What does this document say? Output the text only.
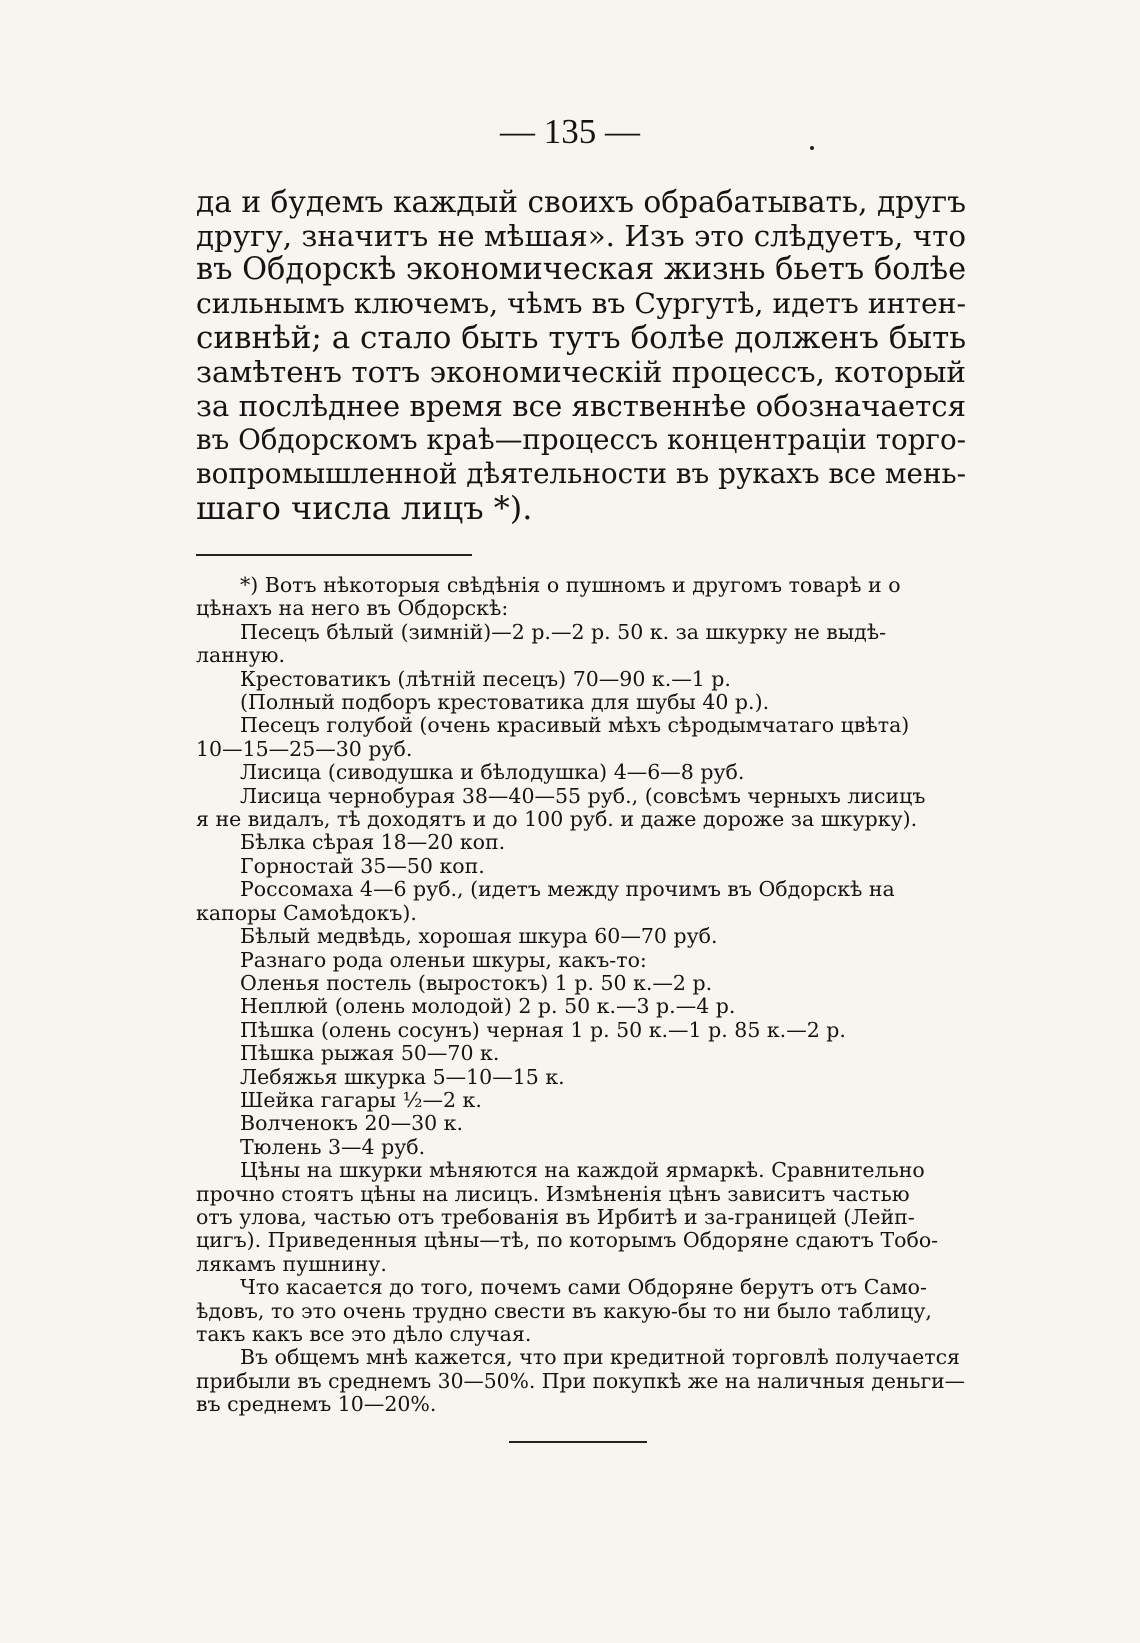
— 135 —
да и будемъ каждый своихъ обрабатывать, другъ
другу, значитъ не мѣшая». Изъ это слѣдуетъ, что
въ Обдорскѣ экономическая жизнь бьетъ болѣе
сильнымъ ключемъ, чѣмъ въ Сургутѣ, идетъ интен-
сивнѣй; а стало быть тутъ болѣе долженъ быть
замѣтенъ тотъ экономическій процессъ, который
за послѣднее время все явственнѣе обозначается
въ Обдорскомъ краѣ—процессъ концентраціи торго-
вопромышленной дѣятельности въ рукахъ все мень-
шаго числа лицъ *).
*) Вотъ нѣкоторыя свѣдѣнія о пушномъ и другомъ товарѣ и о
цѣнахъ на него въ Обдорскѣ:
Песецъ бѣлый (зимній)—2 р.—2 р. 50 к. за шкурку не выдѣ-
ланную.
Крестоватикъ (лѣтній песецъ) 70—90 к.—1 р.
(Полный подборъ крестоватика для шубы 40 р.).
Песецъ голубой (очень красивый мѣхъ сѣродымчатаго цвѣта)
10—15—25—30 руб.
Лисица (сиводушка и бѣлодушка) 4—6—8 руб.
Лисица чернобурая 38—40—55 руб., (совсѣмъ черныхъ лисицъ
я не видалъ, тѣ доходятъ и до 100 руб. и даже дороже за шкурку).
Бѣлка сѣрая 18—20 коп.
Горностай 35—50 коп.
Россомаха 4—6 руб., (идетъ между прочимъ въ Обдорскѣ на
капоры Самоѣдокъ).
Бѣлый медвѣдь, хорошая шкура 60—70 руб.
Разнаго рода оленьи шкуры, какъ-то:
Оленья постель (выростокъ) 1 р. 50 к.—2 р.
Неплюй (олень молодой) 2 р. 50 к.—3 р.—4 р.
Пѣшка (олень сосунъ) черная 1 р. 50 к.—1 р. 85 к.—2 р.
Пѣшка рыжая 50—70 к.
Лебяжья шкурка 5—10—15 к.
Шейка гагары ½—2 к.
Волченокъ 20—30 к.
Тюлень 3—4 руб.
Цѣны на шкурки мѣняются на каждой ярмаркѣ. Сравнительно
прочно стоятъ цѣны на лисицъ. Измѣненія цѣнъ зависитъ частью
отъ улова, частью отъ требованія въ Ирбитѣ и за-границей (Лейп-
цигъ). Приведенныя цѣны—тѣ, по которымъ Обдоряне сдаютъ Тобо-
лякамъ пушнину.
Что касается до того, почемъ сами Обдоряне берутъ отъ Само-
ѣдовъ, то это очень трудно свести въ какую-бы то ни было таблицу,
такъ какъ все это дѣло случая.
Въ общемъ мнѣ кажется, что при кредитной торговлѣ получается
прибыли въ среднемъ 30—50%. При покупкѣ же на наличныя деньги—
въ среднемъ 10—20%.
